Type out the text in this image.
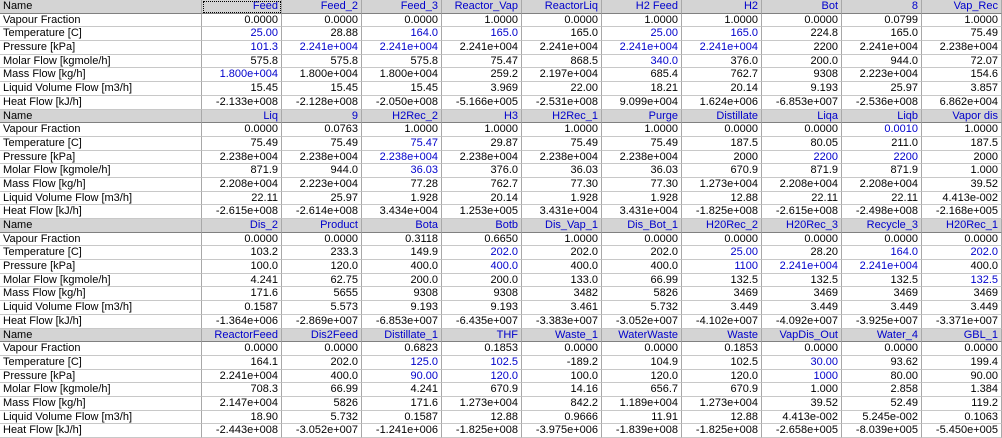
Name	Feed	Feed_2	Feed_3	Reactor_Vap	ReactorLiq	H2 Feed	H2	Bot	8	Vap_Rec
Vapour Fraction	0.0000	0.0000	0.0000	1.0000	0.0000	1.0000	1.0000	0.0000	0.0799	1.0000
Temperature [C]	25.00	28.88	164.0	165.0	165.0	25.00	165.0	224.8	165.0	75.49
Pressure [kPa]	101.3	2.241e+004	2.241e+004	2.241e+004	2.241e+004	2.241e+004	2.241e+004	2200	2.241e+004	2.238e+004
Molar Flow [kgmole/h]	575.8	575.8	575.8	75.47	868.5	340.0	376.0	200.0	944.0	72.07
Mass Flow [kg/h]	1.800e+004	1.800e+004	1.800e+004	259.2	2.197e+004	685.4	762.7	9308	2.223e+004	154.6
Liquid Volume Flow [m3/h]	15.45	15.45	15.45	3.969	22.00	18.21	20.14	9.193	25.97	3.857
Heat Flow [kJ/h]	-2.133e+008	-2.128e+008	-2.050e+008	-5.166e+005	-2.531e+008	9.099e+004	1.624e+006	-6.853e+007	-2.536e+008	6.862e+004
Name	Liq	9	H2Rec_2	H3	H2Rec_1	Purge	Distillate	Liqa	Liqb	Vapor dis
Vapour Fraction	0.0000	0.0763	1.0000	1.0000	1.0000	1.0000	0.0000	0.0000	0.0010	1.0000
Temperature [C]	75.49	75.49	75.47	29.87	75.49	75.49	187.5	80.05	211.0	187.5
Pressure [kPa]	2.238e+004	2.238e+004	2.238e+004	2.238e+004	2.238e+004	2.238e+004	2000	2200	2200	2000
Molar Flow [kgmole/h]	871.9	944.0	36.03	376.0	36.03	36.03	670.9	871.9	871.9	1.000
Mass Flow [kg/h]	2.208e+004	2.223e+004	77.28	762.7	77.30	77.30	1.273e+004	2.208e+004	2.208e+004	39.52
Liquid Volume Flow [m3/h]	22.11	25.97	1.928	20.14	1.928	1.928	12.88	22.11	22.11	4.413e-002
Heat Flow [kJ/h]	-2.615e+008	-2.614e+008	3.434e+004	1.253e+005	3.431e+004	3.431e+004	-1.825e+008	-2.615e+008	-2.498e+008	-2.168e+005
Name	Dis_2	Product	Bota	Botb	Dis_Vap_1	Dis_Bot_1	H20Rec_2	H20Rec_3	Recycle_3	H20Rec_1
Vapour Fraction	0.0000	0.0000	0.3118	0.6650	1.0000	0.0000	0.0000	0.0000	0.0000	0.0000
Temperature [C]	103.2	233.3	149.9	202.0	202.0	202.0	25.00	28.20	164.0	202.0
Pressure [kPa]	100.0	120.0	400.0	400.0	400.0	400.0	1100	2.241e+004	2.241e+004	400.0
Molar Flow [kgmole/h]	4.241	62.75	200.0	200.0	133.0	66.99	132.5	132.5	132.5	132.5
Mass Flow [kg/h]	171.6	5655	9308	9308	3482	5826	3469	3469	3469	3469
Liquid Volume Flow [m3/h]	0.1587	5.573	9.193	9.193	3.461	5.732	3.449	3.449	3.449	3.449
Heat Flow [kJ/h]	-1.364e+006	-2.869e+007	-6.853e+007	-6.435e+007	-3.383e+007	-3.052e+007	-4.102e+007	-4.092e+007	-3.925e+007	-3.371e+007
Name	ReactorFeed	Dis2Feed	Distillate_1	THF	Waste_1	WaterWaste	Waste	VapDis_Out	Water_4	GBL_1
Vapour Fraction	0.0000	0.0000	0.6823	0.1853	0.0000	0.0000	0.1853	0.0000	0.0000	0.0000
Temperature [C]	164.1	202.0	125.0	102.5	-189.2	104.9	102.5	30.00	93.62	199.4
Pressure [kPa]	2.241e+004	400.0	90.00	120.0	100.0	120.0	120.0	1000	80.00	90.00
Molar Flow [kgmole/h]	708.3	66.99	4.241	670.9	14.16	656.7	670.9	1.000	2.858	1.384
Mass Flow [kg/h]	2.147e+004	5826	171.6	1.273e+004	842.2	1.189e+004	1.273e+004	39.52	52.49	119.2
Liquid Volume Flow [m3/h]	18.90	5.732	0.1587	12.88	0.9666	11.91	12.88	4.413e-002	5.245e-002	0.1063
Heat Flow [kJ/h]	-2.443e+008	-3.052e+007	-1.241e+006	-1.825e+008	-3.975e+006	-1.839e+008	-1.825e+008	-2.658e+005	-8.039e+005	-5.450e+005
